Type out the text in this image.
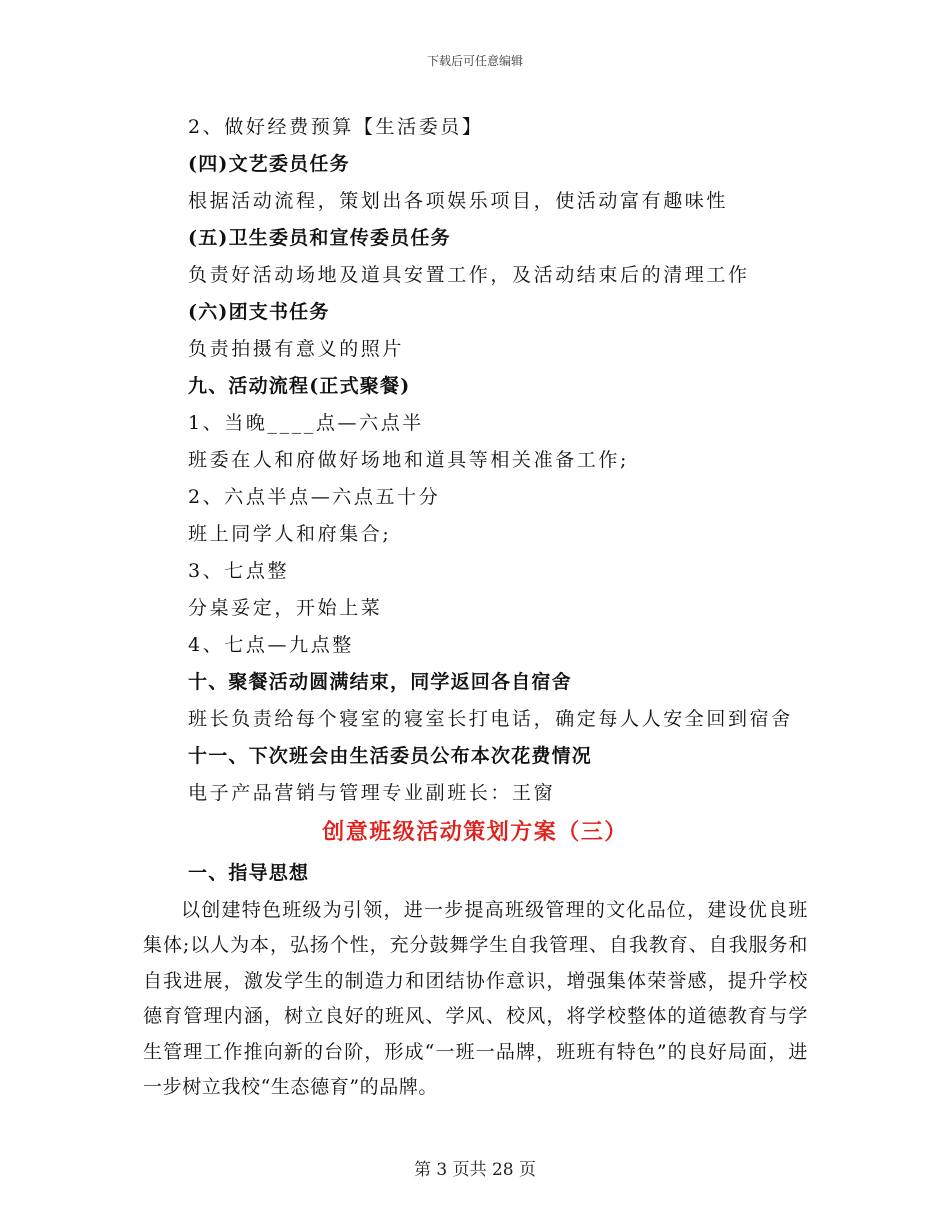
下载后可任意编辑
2、做好经费预算【生活委员】
(四)文艺委员任务
根据活动流程，策划出各项娱乐项目，使活动富有趣味性
(五)卫生委员和宣传委员任务
负责好活动场地及道具安置工作，及活动结束后的清理工作
(六)团支书任务
负责拍摄有意义的照片
九、活动流程(正式聚餐)
1、当晚____点—六点半
班委在人和府做好场地和道具等相关准备工作;
2、六点半点—六点五十分
班上同学人和府集合;
3、七点整
分桌妥定，开始上菜
4、七点—九点整
十、聚餐活动圆满结束，同学返回各自宿舍
班长负责给每个寝室的寝室长打电话，确定每人人安全回到宿舍
十一、下次班会由生活委员公布本次花费情况
电子产品营销与管理专业副班长：王窗
创意班级活动策划方案（三）
一、指导思想
以创建特色班级为引领，进一步提高班级管理的文化品位，建设优良班集体;以人为本，弘扬个性，充分鼓舞学生自我管理、自我教育、自我服务和自我进展，激发学生的制造力和团结协作意识，增强集体荣誉感，提升学校德育管理内涵，树立良好的班风、学风、校风，将学校整体的道德教育与学生管理工作推向新的台阶，形成“一班一品牌，班班有特色”的良好局面，进一步树立我校“生态德育”的品牌。
第 3 页共 28 页
